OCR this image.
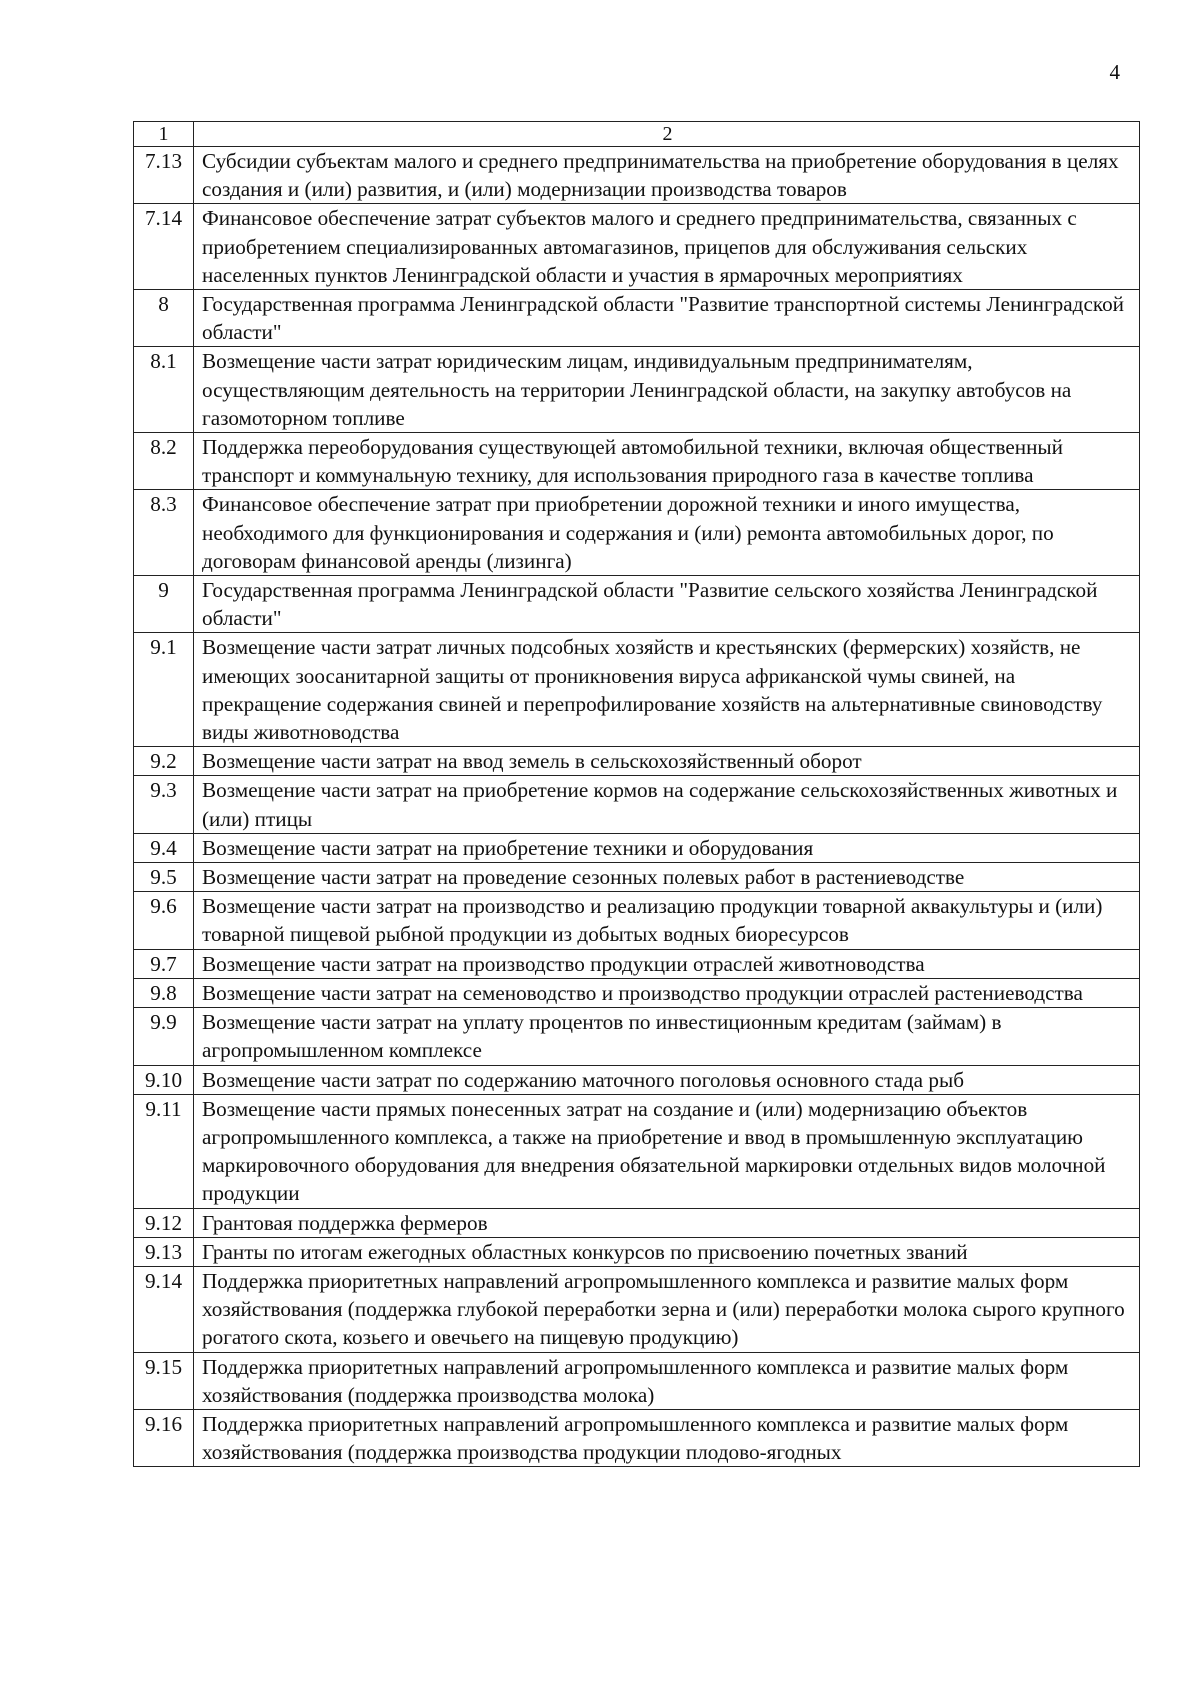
4
1	2
7.13	Субсидии субъектам малого и среднего предпринимательства на приобретение оборудования в целях создания и (или) развития, и (или) модернизации производства товаров
7.14	Финансовое обеспечение затрат субъектов малого и среднего предпринимательства, связанных с приобретением специализированных автомагазинов, прицепов для обслуживания сельских населенных пунктов Ленинградской области и участия в ярмарочных мероприятиях
8	Государственная программа Ленинградской области "Развитие транспортной системы Ленинградской области"
8.1	Возмещение части затрат юридическим лицам, индивидуальным предпринимателям, осуществляющим деятельность на территории Ленинградской области, на закупку автобусов на газомоторном топливе
8.2	Поддержка переоборудования существующей автомобильной техники, включая общественный транспорт и коммунальную технику, для использования природного газа в качестве топлива
8.3	Финансовое обеспечение затрат при приобретении дорожной техники и иного имущества, необходимого для функционирования и содержания и (или) ремонта автомобильных дорог, по договорам финансовой аренды (лизинга)
9	Государственная программа Ленинградской области "Развитие сельского хозяйства Ленинградской области"
9.1	Возмещение части затрат личных подсобных хозяйств и крестьянских (фермерских) хозяйств, не имеющих зоосанитарной защиты от проникновения вируса африканской чумы свиней, на прекращение содержания свиней и перепрофилирование хозяйств на альтернативные свиноводству виды животноводства
9.2	Возмещение части затрат на ввод земель в сельскохозяйственный оборот
9.3	Возмещение части затрат на приобретение кормов на содержание сельскохозяйственных животных и (или) птицы
9.4	Возмещение части затрат на приобретение техники и оборудования
9.5	Возмещение части затрат на проведение сезонных полевых работ в растениеводстве
9.6	Возмещение части затрат на производство и реализацию продукции товарной аквакультуры и (или) товарной пищевой рыбной продукции из добытых водных биоресурсов
9.7	Возмещение части затрат на производство продукции отраслей животноводства
9.8	Возмещение части затрат на семеноводство и производство продукции отраслей растениеводства
9.9	Возмещение части затрат на уплату процентов по инвестиционным кредитам (займам) в агропромышленном комплексе
9.10	Возмещение части затрат по содержанию маточного поголовья основного стада рыб
9.11	Возмещение части прямых понесенных затрат на создание и (или) модернизацию объектов агропромышленного комплекса, а также на приобретение и ввод в промышленную эксплуатацию маркировочного оборудования для внедрения обязательной маркировки отдельных видов молочной продукции
9.12	Грантовая поддержка фермеров
9.13	Гранты по итогам ежегодных областных конкурсов по присвоению почетных званий
9.14	Поддержка приоритетных направлений агропромышленного комплекса и развитие малых форм хозяйствования (поддержка глубокой переработки зерна и (или) переработки молока сырого крупного рогатого скота, козьего и овечьего на пищевую продукцию)
9.15	Поддержка приоритетных направлений агропромышленного комплекса и развитие малых форм хозяйствования (поддержка производства молока)
9.16	Поддержка приоритетных направлений агропромышленного комплекса и развитие малых форм хозяйствования (поддержка производства продукции плодово-ягодных
